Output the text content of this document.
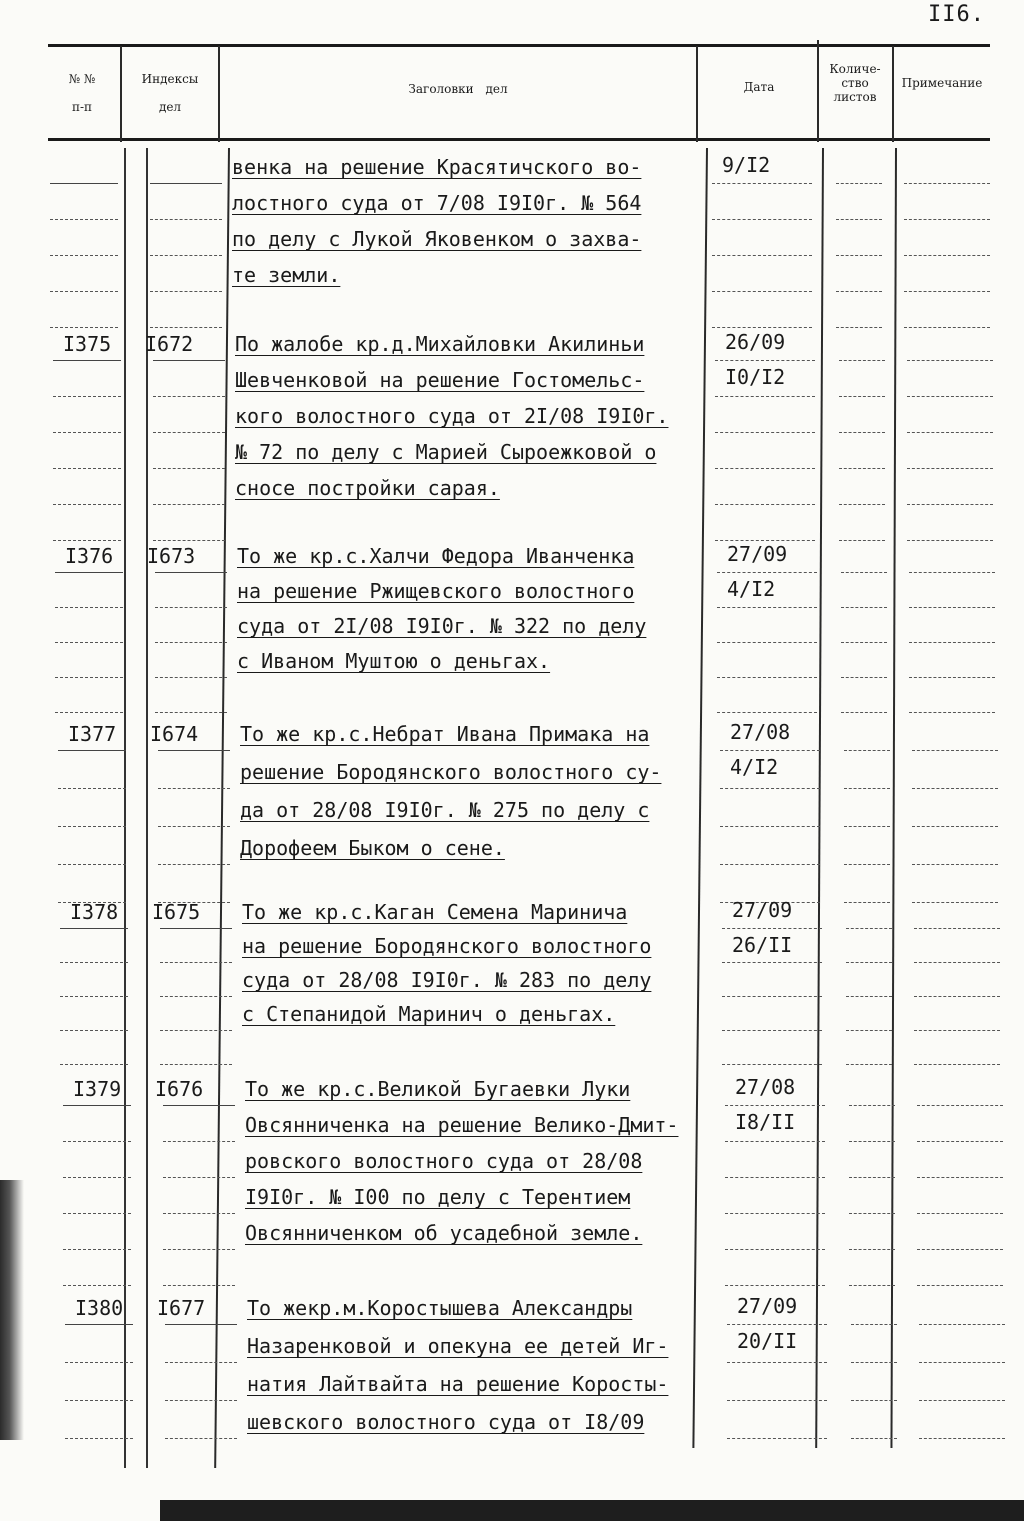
II6.
№ №
п-п
Индексы
дел
Заголовки дел	Дата
Количе-
ство
листов
Примечание
венка на решение Красятичского во-
лостного суда от 7/08 I9I0г. № 564
по делу с Лукой Яковенком о захва-
те земли.
9/I2
I375 I672 По жалобе кр.д.Михайловки Акилиньи
Шевченковой на решение Гостомельс-
кого волостного суда от 2I/08 I9I0г.
№ 72 по делу с Марией Сыроежковой о
сносе постройки сарая.
26/09
I0/I2
I376 I673 То же кр.с.Халчи Федора Иванченка
на решение Ржищевского волостного
суда от 2I/08 I9I0г. № 322 по делу
с Иваном Муштою о деньгах.
27/09
4/I2
I377 I674 То же кр.с.Небрат Ивана Примака на
решение Бородянского волостного су-
да от 28/08 I9I0г. № 275 по делу с
Дорофеем Быком о сене.
27/08
4/I2
I378 I675 То же кр.с.Каган Семена Маринича
на решение Бородянского волостного
суда от 28/08 I9I0г. № 283 по делу
с Степанидой Маринич о деньгах.
27/09
26/II
I379 I676 То же кр.с.Великой Бугаевки Луки
Овсянниченка на решение Велико-Дмит-
ровского волостного суда от 28/08
I9I0г. № I00 по делу с Терентием
Овсянниченком об усадебной земле.
27/08
I8/II
I380 I677 То жекр.м.Коростышева Александры
Назаренковой и опекуна ее детей Иг-
натия Лайтвайта на решение Коросты-
шевского волостного суда от I8/09
27/09
20/II
